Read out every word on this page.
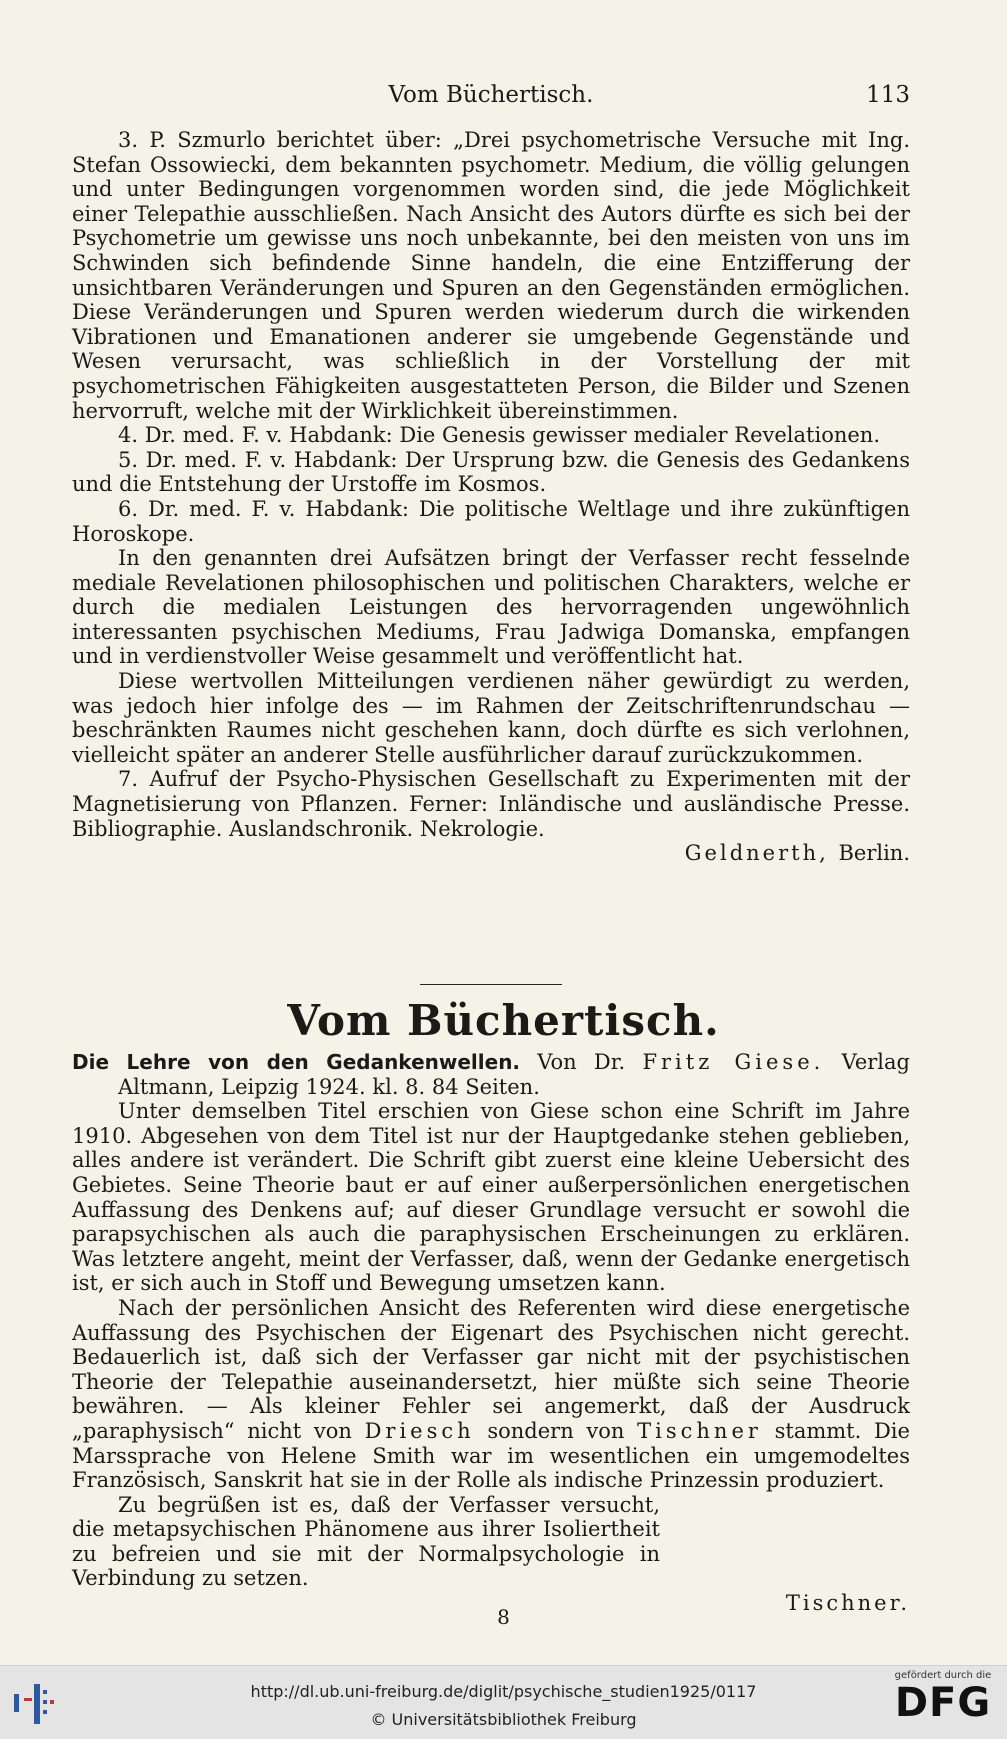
Vom Büchertisch.	113

3. P. Szmurlo berichtet über: „Drei psychometrische Versuche mit Ing. Stefan Ossowiecki, dem bekannten psychometr. Medium, die völlig gelungen und unter Bedingungen vorgenommen worden sind, die jede Möglichkeit einer Telepathie ausschließen. Nach Ansicht des Autors dürfte es sich bei der Psychometrie um gewisse uns noch unbekannte, bei den meisten von uns im Schwinden sich befindende Sinne handeln, die eine Entzifferung der unsichtbaren Veränderungen und Spuren an den Gegenständen ermöglichen. Diese Veränderungen und Spuren werden wiederum durch die wirkenden Vibrationen und Emanationen anderer sie umgebende Gegenstände und Wesen verursacht, was schließlich in der Vorstellung der mit psychometrischen Fähigkeiten ausgestatteten Person, die Bilder und Szenen hervorruft, welche mit der Wirklichkeit übereinstimmen.

4. Dr. med. F. v. Habdank: Die Genesis gewisser medialer Revelationen.

5. Dr. med. F. v. Habdank: Der Ursprung bzw. die Genesis des Gedankens und die Entstehung der Urstoffe im Kosmos.

6. Dr. med. F. v. Habdank: Die politische Weltlage und ihre zukünftigen Horoskope.

In den genannten drei Aufsätzen bringt der Verfasser recht fesselnde mediale Revelationen philosophischen und politischen Charakters, welche er durch die medialen Leistungen des hervorragenden ungewöhnlich interessanten psychischen Mediums, Frau Jadwiga Domanska, empfangen und in verdienstvoller Weise gesammelt und veröffentlicht hat.

Diese wertvollen Mitteilungen verdienen näher gewürdigt zu werden, was jedoch hier infolge des — im Rahmen der Zeitschriftenrundschau — beschränkten Raumes nicht geschehen kann, doch dürfte es sich verlohnen, vielleicht später an anderer Stelle ausführlicher darauf zurückzukommen.

7. Aufruf der Psycho-Physischen Gesellschaft zu Experimenten mit der Magnetisierung von Pflanzen. Ferner: Inländische und ausländische Presse. Bibliographie. Auslandschronik. Nekrologie.

Geldnerth, Berlin.

Vom Büchertisch.

Die Lehre von den Gedankenwellen. Von Dr. Fritz Giese. Verlag Altmann, Leipzig 1924. kl. 8. 84 Seiten.

Unter demselben Titel erschien von Giese schon eine Schrift im Jahre 1910. Abgesehen von dem Titel ist nur der Hauptgedanke stehen geblieben, alles andere ist verändert. Die Schrift gibt zuerst eine kleine Uebersicht des Gebietes. Seine Theorie baut er auf einer außerpersönlichen energetischen Auffassung des Denkens auf; auf dieser Grundlage versucht er sowohl die parapsychischen als auch die paraphysischen Erscheinungen zu erklären. Was letztere angeht, meint der Verfasser, daß, wenn der Gedanke energetisch ist, er sich auch in Stoff und Bewegung umsetzen kann.

Nach der persönlichen Ansicht des Referenten wird diese energetische Auffassung des Psychischen der Eigenart des Psychischen nicht gerecht. Bedauerlich ist, daß sich der Verfasser gar nicht mit der psychistischen Theorie der Telepathie auseinandersetzt, hier müßte sich seine Theorie bewähren. — Als kleiner Fehler sei angemerkt, daß der Ausdruck „paraphysisch“ nicht von Driesch sondern von Tischner stammt. Die Marssprache von Helene Smith war im wesentlichen ein umgemodeltes Französisch, Sanskrit hat sie in der Rolle als indische Prinzessin produziert.

Zu begrüßen ist es, daß der Verfasser versucht, die metapsychischen Phänomene aus ihrer Isoliertheit zu befreien und sie mit der Normalpsychologie in Verbindung zu setzen.

Tischner.

8
http://dl.ub.uni-freiburg.de/diglit/psychische_studien1925/0117
© Universitätsbibliothek Freiburg
gefördert durch die
DFG
